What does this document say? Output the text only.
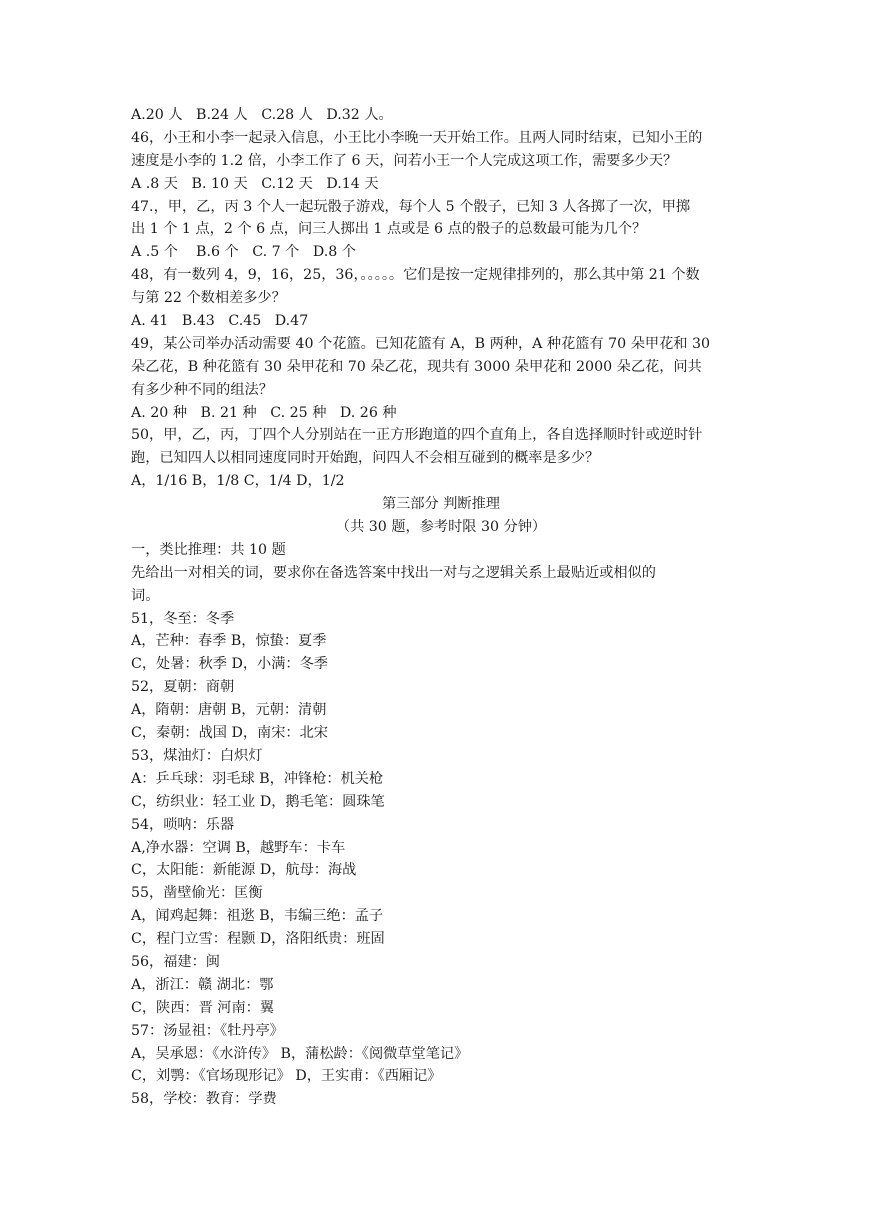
A.20 人   B.24 人   C.28 人   D.32 人。
46，小王和小李一起录入信息，小王比小李晚一天开始工作。且两人同时结束，已知小王的
速度是小李的 1.2 倍，小李工作了 6 天，问若小王一个人完成这项工作，需要多少天？
A .8 天   B. 10 天   C.12 天   D.14 天
47.，甲，乙，丙 3 个人一起玩骰子游戏，每个人 5 个骰子，已知 3 人各掷了一次，甲掷
出 1 个 1 点，2 个 6 点，问三人掷出 1 点或是 6 点的骰子的总数最可能为几个？
A .5 个    B.6 个   C. 7 个   D.8 个
48，有一数列 4，9，16，25，36，。。。。。它们是按一定规律排列的，那么其中第 21 个数
与第 22 个数相差多少？
A. 41   B.43   C.45   D.47
49，某公司举办活动需要 40 个花篮。已知花篮有 A，B 两种，A 种花篮有 70 朵甲花和 30
朵乙花，B 种花篮有 30 朵甲花和 70 朵乙花，现共有 3000 朵甲花和 2000 朵乙花，问共
有多少种不同的组法？
A. 20 种   B. 21 种   C. 25 种   D. 26 种
50，甲，乙，丙，丁四个人分别站在一正方形跑道的四个直角上，各自选择顺时针或逆时针
跑，已知四人以相同速度同时开始跑，问四人不会相互碰到的概率是多少？
A，1/16 B，1/8 C，1/4 D，1/2
第三部分 判断推理
（共 30 题，参考时限 30 分钟）
一，类比推理：共 10 题
先给出一对相关的词，要求你在备选答案中找出一对与之逻辑关系上最贴近或相似的
词。
51，冬至：冬季
A，芒种：春季 B，惊蛰：夏季
C，处暑：秋季 D，小满：冬季
52，夏朝：商朝
A，隋朝：唐朝 B，元朝：清朝
C，秦朝：战国 D，南宋：北宋
53，煤油灯：白炽灯
A：乒乓球：羽毛球 B，冲锋枪：机关枪
C，纺织业：轻工业 D，鹅毛笔：圆珠笔
54，唢呐：乐器
A,净水器：空调 B，越野车：卡车
C，太阳能：新能源 D，航母：海战
55，凿壁偷光：匡衡
A，闻鸡起舞：祖逖 B，韦编三绝：孟子
C，程门立雪：程颢 D，洛阳纸贵：班固
56，福建：闽
A，浙江：赣 湖北：鄂
C，陕西：晋 河南：翼
57：汤显祖：《牡丹亭》
A，吴承恩：《水浒传》 B，蒲松龄：《阅微草堂笔记》
C，刘鹗：《官场现形记》 D，王实甫：《西厢记》
58，学校：教育：学费
